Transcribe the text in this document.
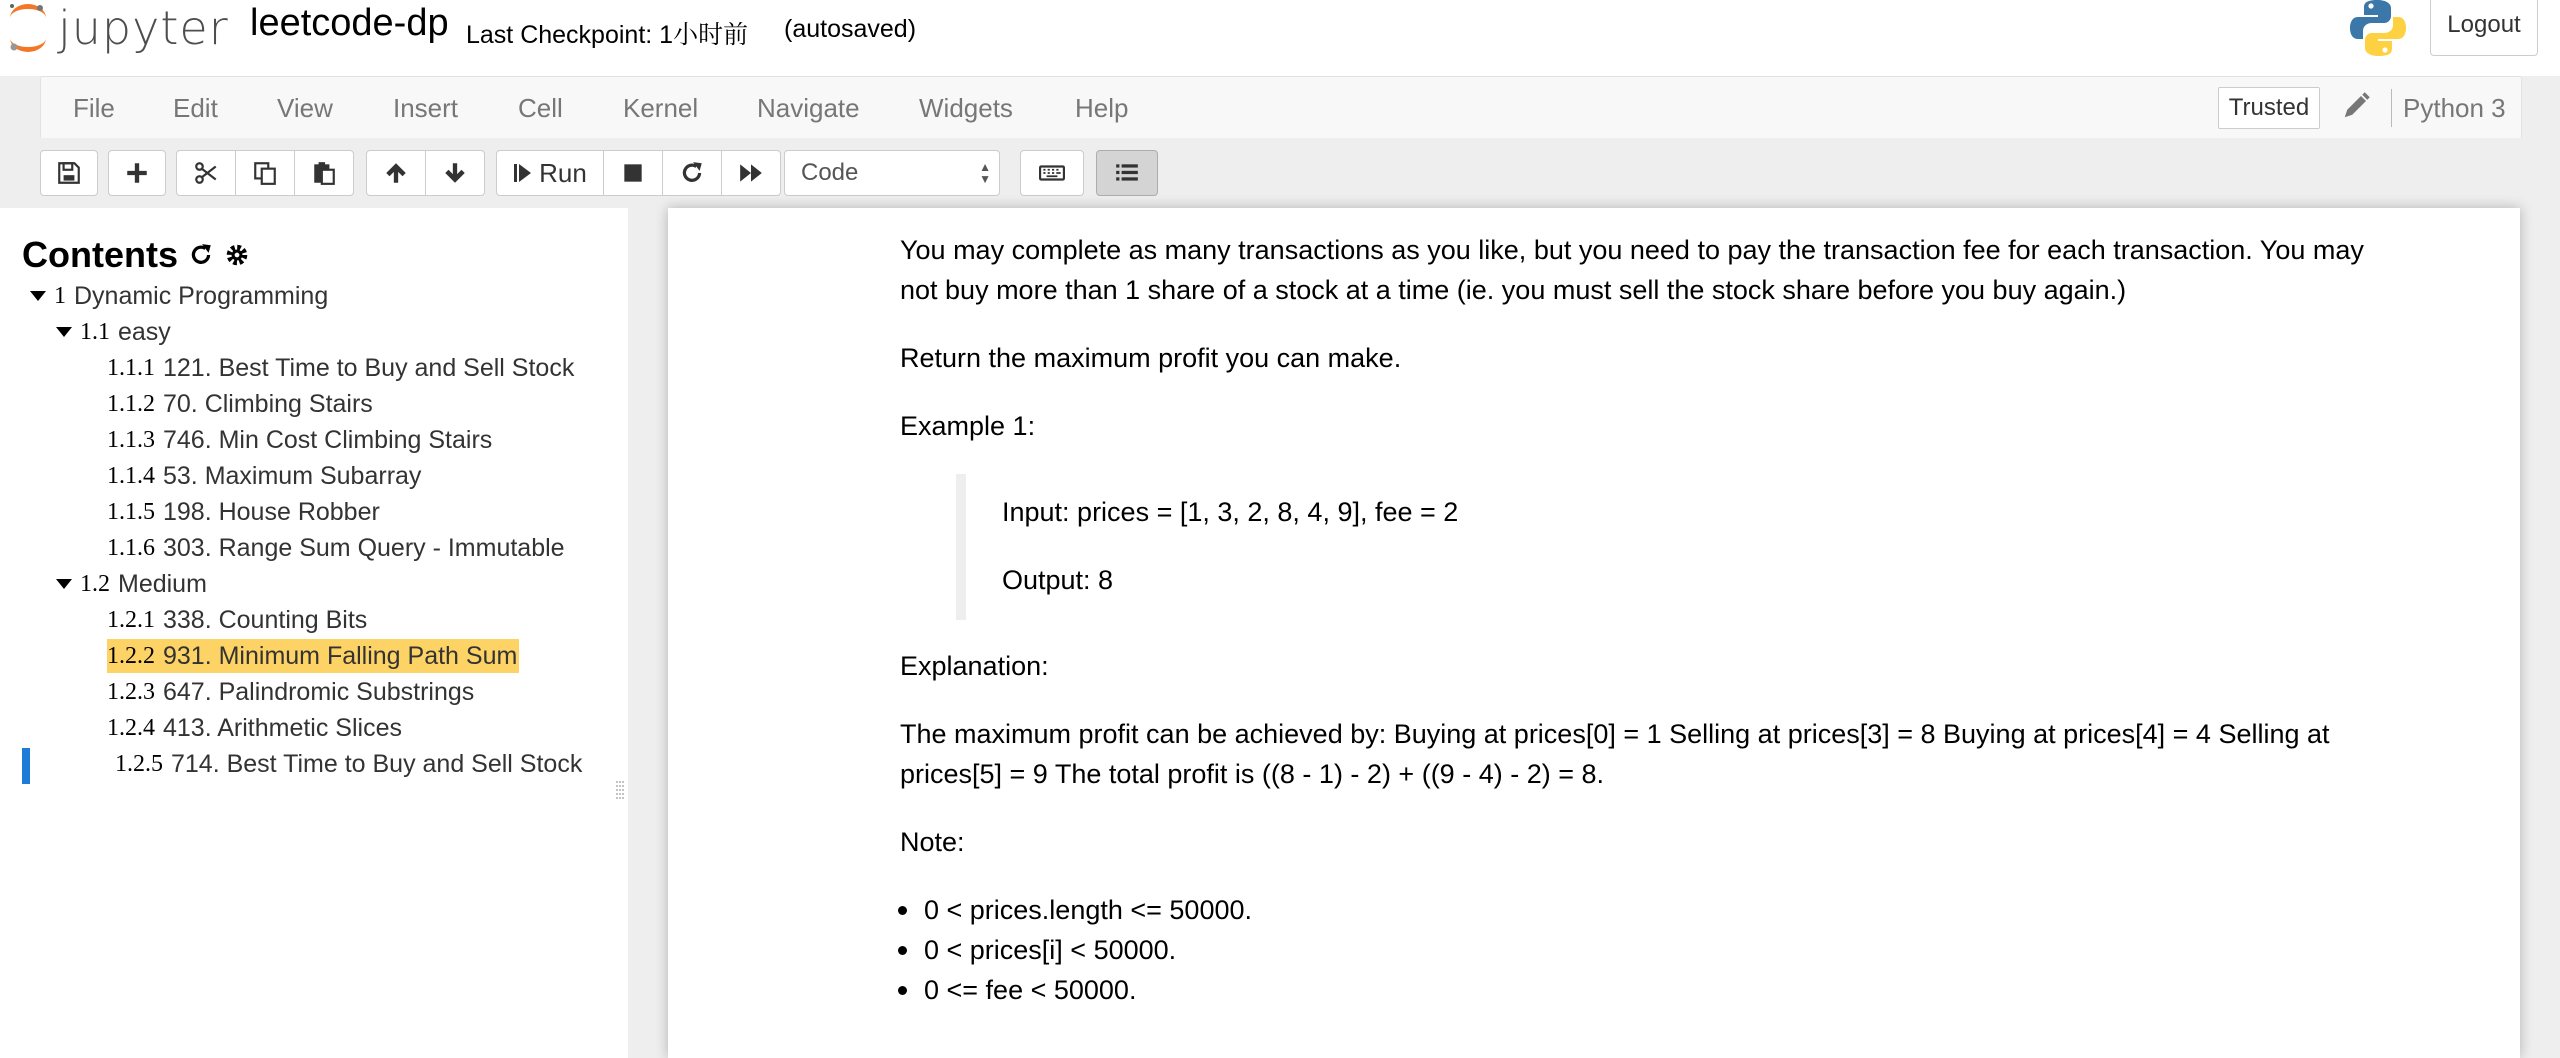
jupyter leetcode-dp Last Checkpoint: 1小时前 (autosaved)	Logout
File Edit View Insert Cell Kernel Navigate Widgets Help	Trusted	Python 3
Run	Code	▲
▼
Contents
1 Dynamic Programming
1.1 easy
1.1.1 121. Best Time to Buy and Sell Stock
1.1.2 70. Climbing Stairs
1.1.3 746. Min Cost Climbing Stairs
1.1.4 53. Maximum Subarray
1.1.5 198. House Robber
1.1.6 303. Range Sum Query - Immutable
1.2 Medium
1.2.1 338. Counting Bits
1.2.2 931. Minimum Falling Path Sum
1.2.3 647. Palindromic Substrings
1.2.4 413. Arithmetic Slices
1.2.5 714. Best Time to Buy and Sell Stock
You may complete as many transactions as you like, but you need to pay the transaction fee for each transaction. You may
not buy more than 1 share of a stock at a time (ie. you must sell the stock share before you buy again.)
Return the maximum profit you can make.
Example 1:
Input: prices = [1, 3, 2, 8, 4, 9], fee = 2
Output: 8
Explanation:
The maximum profit can be achieved by: Buying at prices[0] = 1 Selling at prices[3] = 8 Buying at prices[4] = 4 Selling at
prices[5] = 9 The total profit is ((8 - 1) - 2) + ((9 - 4) - 2) = 8.
Note:
0 < prices.length <= 50000.
0 < prices[i] < 50000.
0 <= fee < 50000.
